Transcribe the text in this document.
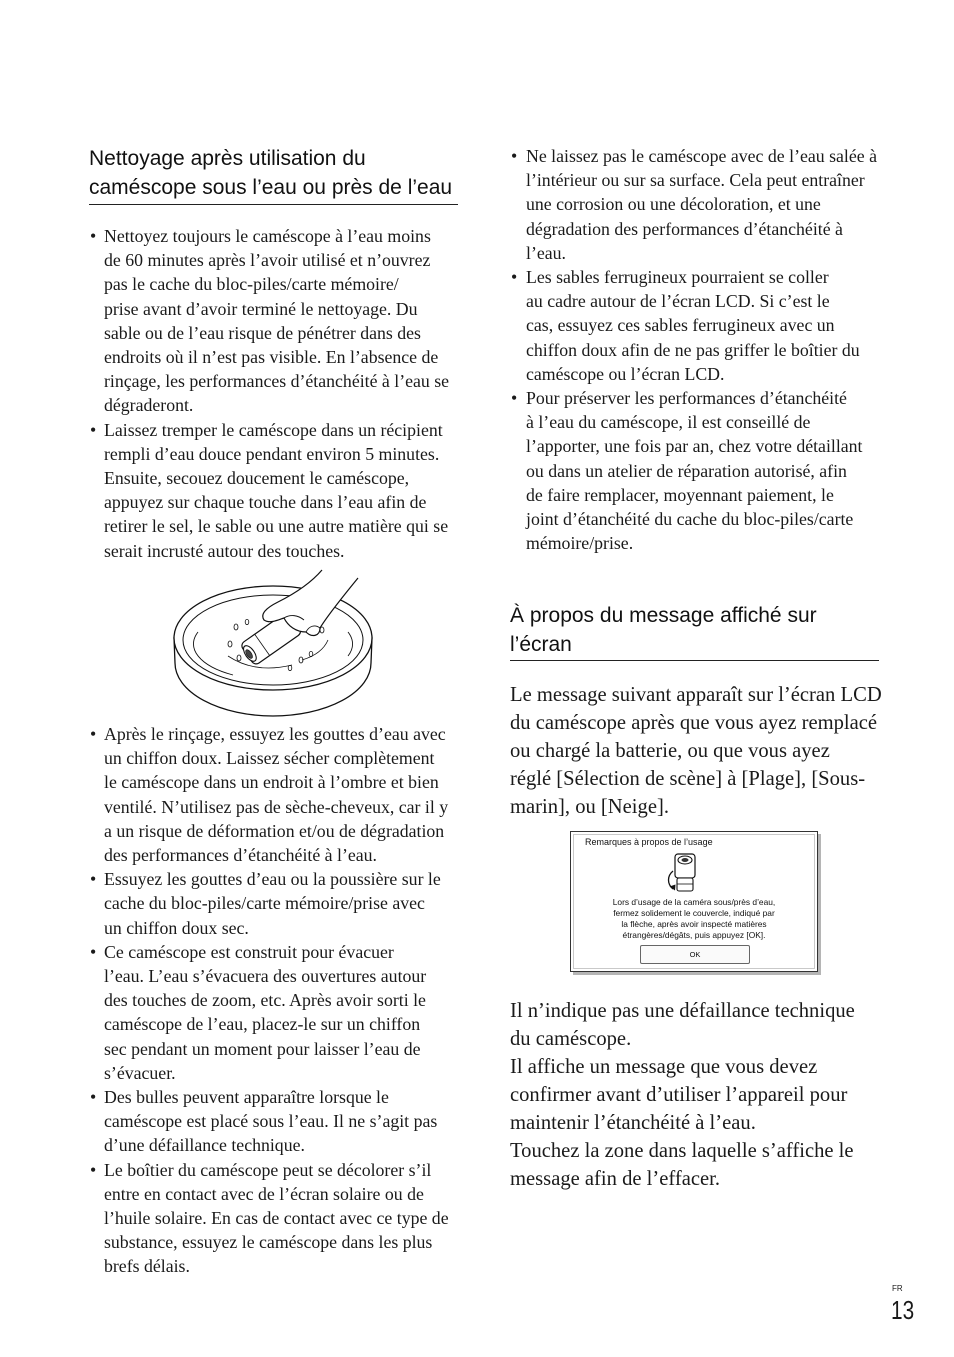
Nettoyage après utilisation du
caméscope sous l’eau ou près de l’eau
• Nettoyez toujours le caméscope à l’eau moins
de 60 minutes après l’avoir utilisé et n’ouvrez
pas le cache du bloc-piles/carte mémoire/
prise avant d’avoir terminé le nettoyage. Du
sable ou de l’eau risque de pénétrer dans des
endroits où il n’est pas visible. En l’absence de
rinçage, les performances d’étanchéité à l’eau se
dégraderont.
• Laissez tremper le caméscope dans un récipient
rempli d’eau douce pendant environ 5 minutes.
Ensuite, secouez doucement le caméscope,
appuyez sur chaque touche dans l’eau afin de
retirer le sel, le sable ou une autre matière qui se
serait incrusté autour des touches.
• Après le rinçage, essuyez les gouttes d’eau avec
un chiffon doux. Laissez sécher complètement
le caméscope dans un endroit à l’ombre et bien
ventilé. N’utilisez pas de sèche-cheveux, car il y
a un risque de déformation et/ou de dégradation
des performances d’étanchéité à l’eau.
• Essuyez les gouttes d’eau ou la poussière sur le
cache du bloc-piles/carte mémoire/prise avec
un chiffon doux sec.
• Ce caméscope est construit pour évacuer
l’eau. L’eau s’évacuera des ouvertures autour
des touches de zoom, etc. Après avoir sorti le
caméscope de l’eau, placez-le sur un chiffon
sec pendant un moment pour laisser l’eau de
s’évacuer.
• Des bulles peuvent apparaître lorsque le
caméscope est placé sous l’eau. Il ne s’agit pas
d’une défaillance technique.
• Le boîtier du caméscope peut se décolorer s’il
entre en contact avec de l’écran solaire ou de
l’huile solaire. En cas de contact avec ce type de
substance, essuyez le caméscope dans les plus
brefs délais.
• Ne laissez pas le caméscope avec de l’eau salée à
l’intérieur ou sur sa surface. Cela peut entraîner
une corrosion ou une décoloration, et une
dégradation des performances d’étanchéité à
l’eau.
• Les sables ferrugineux pourraient se coller
au cadre autour de l’écran LCD. Si c’est le
cas, essuyez ces sables ferrugineux avec un
chiffon doux afin de ne pas griffer le boîtier du
caméscope ou l’écran LCD.
• Pour préserver les performances d’étanchéité
à l’eau du caméscope, il est conseillé de
l’apporter, une fois par an, chez votre détaillant
ou dans un atelier de réparation autorisé, afin
de faire remplacer, moyennant paiement, le
joint d’étanchéité du cache du bloc-piles/carte
mémoire/prise.
À propos du message affiché sur
l’écran
Le message suivant apparaît sur l’écran LCD
du caméscope après que vous ayez remplacé
ou chargé la batterie, ou que vous ayez
réglé [Sélection de scène] à [Plage], [Sous-
marin], ou [Neige].
Remarques à propos de l’usage
Lors d’usage de la caméra sous/près d’eau,
fermez solidement le couvercle, indiqué par
la flèche, après avoir inspecté matières
étrangères/dégâts, puis appuyez [OK].
OK
Il n’indique pas une défaillance technique
du caméscope.
Il affiche un message que vous devez
confirmer avant d’utiliser l’appareil pour
maintenir l’étanchéité à l’eau.
Touchez la zone dans laquelle s’affiche le
message afin de l’effacer.
FR
13
